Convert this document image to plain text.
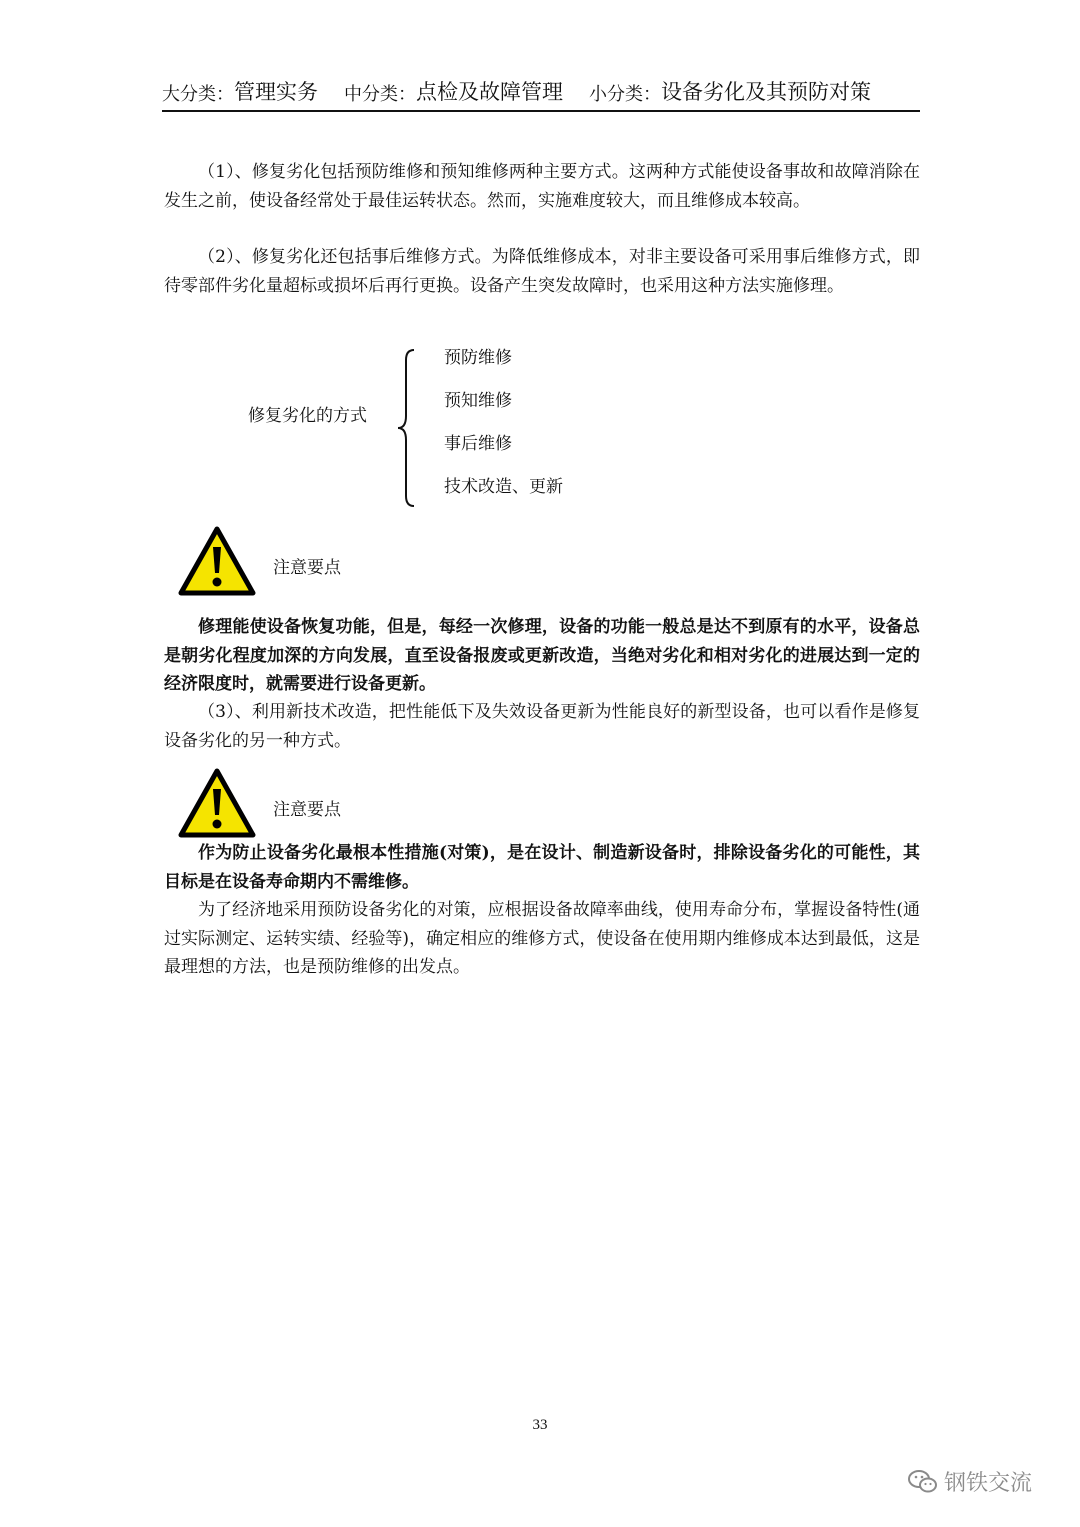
大分类： 管理实务 中分类： 点检及故障管理 小分类： 设备劣化及其预防对策

（1）、修复劣化包括预防维修和预知维修两种主要方式。这两种方式能使设备事故和故障消除在发生之前，使设备经常处于最佳运转状态。然而，实施难度较大，而且维修成本较高。

（2）、修复劣化还包括事后维修方式。为降低维修成本，对非主要设备可采用事后维修方式，即待零部件劣化量超标或损坏后再行更换。设备产生突发故障时，也采用这种方法实施修理。

修复劣化的方式
预防维修
预知维修
事后维修
技术改造、更新
注意要点

修理能使设备恢复功能，但是，每经一次修理，设备的功能一般总是达不到原有的水平，设备总是朝劣化程度加深的方向发展，直至设备报废或更新改造，当绝对劣化和相对劣化的进展达到一定的经济限度时，就需要进行设备更新。

（3）、利用新技术改造，把性能低下及失效设备更新为性能良好的新型设备，也可以看作是修复设备劣化的另一种方式。

注意要点

作为防止设备劣化最根本性措施(对策)，是在设计、制造新设备时，排除设备劣化的可能性，其目标是在设备寿命期内不需维修。

为了经济地采用预防设备劣化的对策，应根据设备故障率曲线，使用寿命分布，掌握设备特性(通过实际测定、运转实绩、经验等)，确定相应的维修方式，使设备在使用期内维修成本达到最低，这是最理想的方法，也是预防维修的出发点。

33
钢铁交流
